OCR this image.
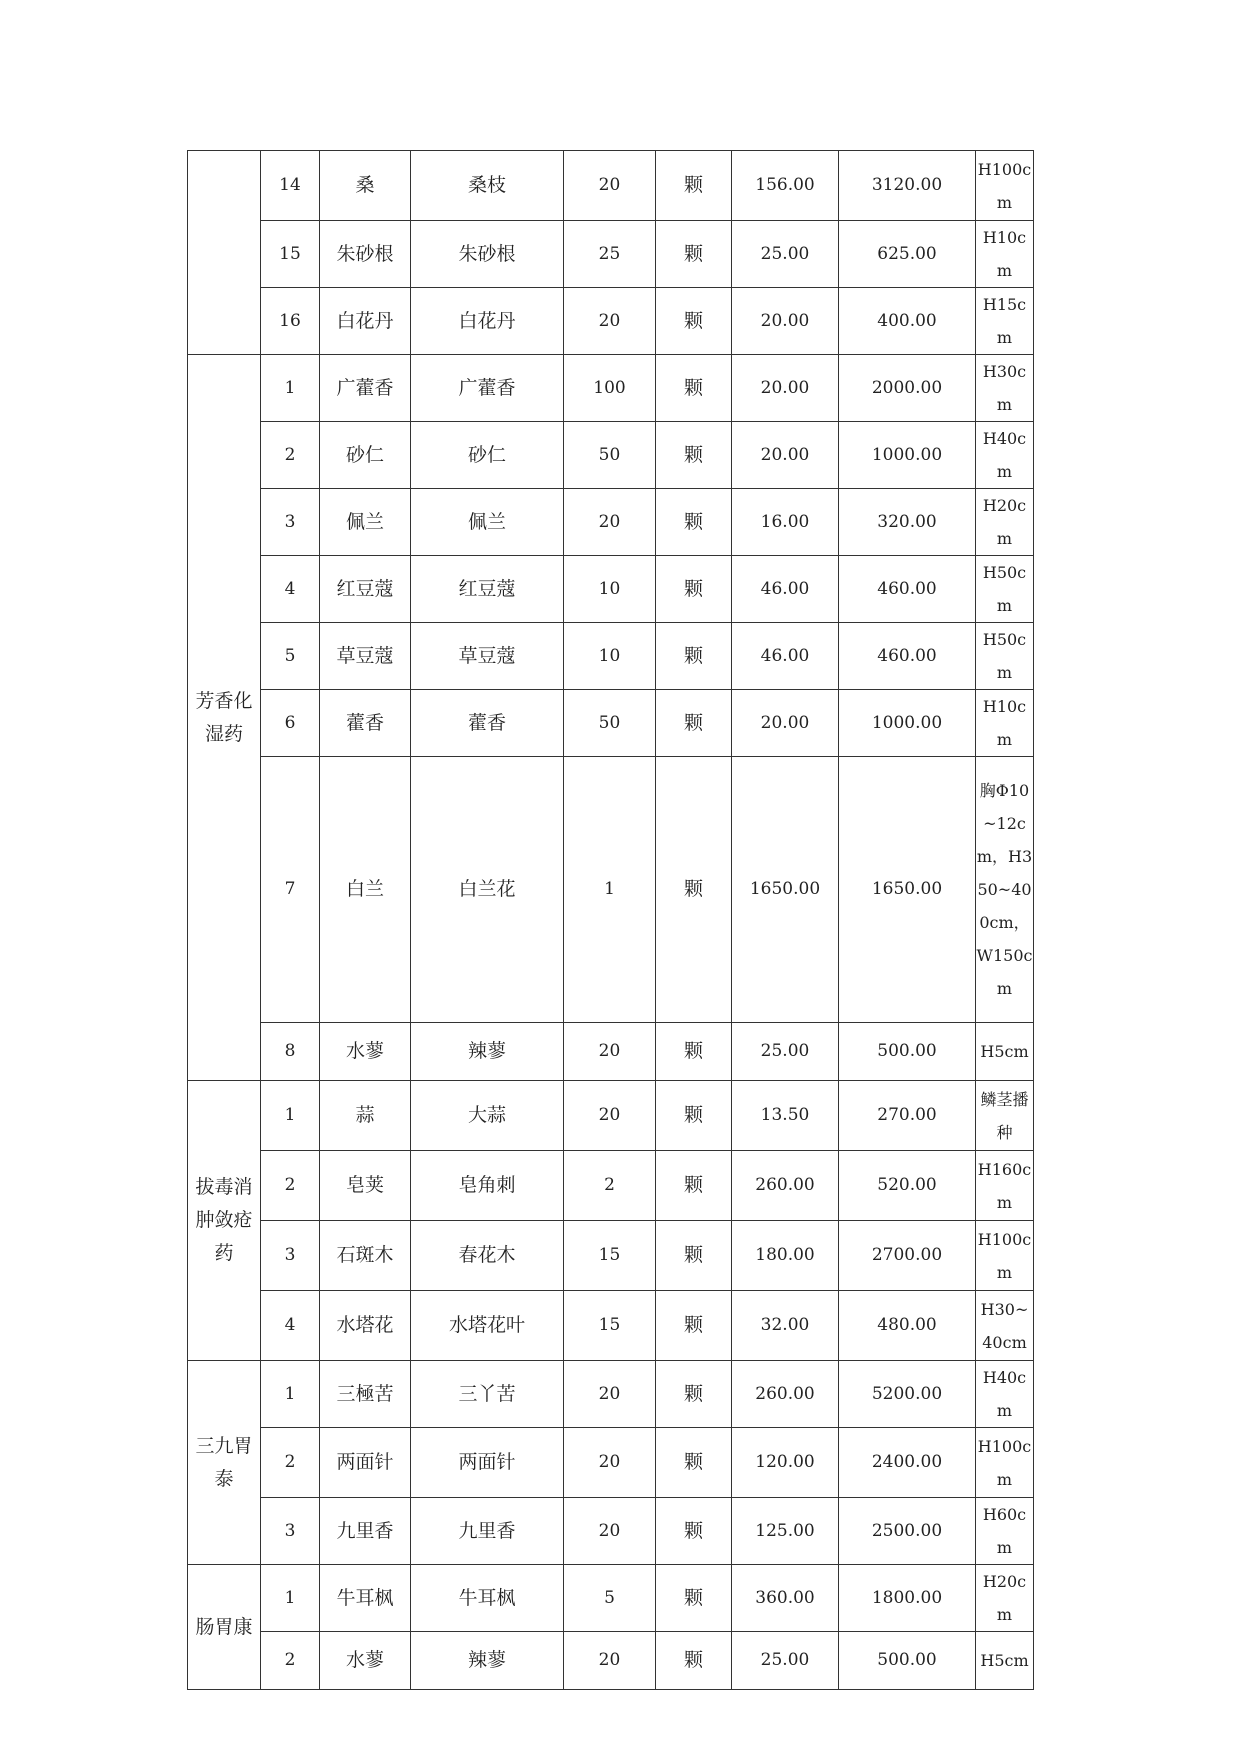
	14	桑	桑枝	20	颗	156.00	3120.00	H100cm
	15	朱砂根	朱砂根	25	颗	25.00	625.00	H10cm
	16	白花丹	白花丹	20	颗	20.00	400.00	H15cm
芳香化湿药	1	广藿香	广藿香	100	颗	20.00	2000.00	H30cm
	2	砂仁	砂仁	50	颗	20.00	1000.00	H40cm
	3	佩兰	佩兰	20	颗	16.00	320.00	H20cm
	4	红豆蔻	红豆蔻	10	颗	46.00	460.00	H50cm
	5	草豆蔻	草豆蔻	10	颗	46.00	460.00	H50cm
	6	藿香	藿香	50	颗	20.00	1000.00	H10cm
	7	白兰	白兰花	1	颗	1650.00	1650.00	胸Φ10~12cm，H350~400cm，W150cm
	8	水蓼	辣蓼	20	颗	25.00	500.00	H5cm
拔毒消肿敛疮药	1	蒜	大蒜	20	颗	13.50	270.00	鳞茎播种
	2	皂荚	皂角刺	2	颗	260.00	520.00	H160cm
	3	石斑木	春花木	15	颗	180.00	2700.00	H100cm
	4	水塔花	水塔花叶	15	颗	32.00	480.00	H30~40cm
三九胃泰	1	三極苦	三丫苦	20	颗	260.00	5200.00	H40cm
	2	两面针	两面针	20	颗	120.00	2400.00	H100cm
	3	九里香	九里香	20	颗	125.00	2500.00	H60cm
肠胃康	1	牛耳枫	牛耳枫	5	颗	360.00	1800.00	H20cm
	2	水蓼	辣蓼	20	颗	25.00	500.00	H5cm
